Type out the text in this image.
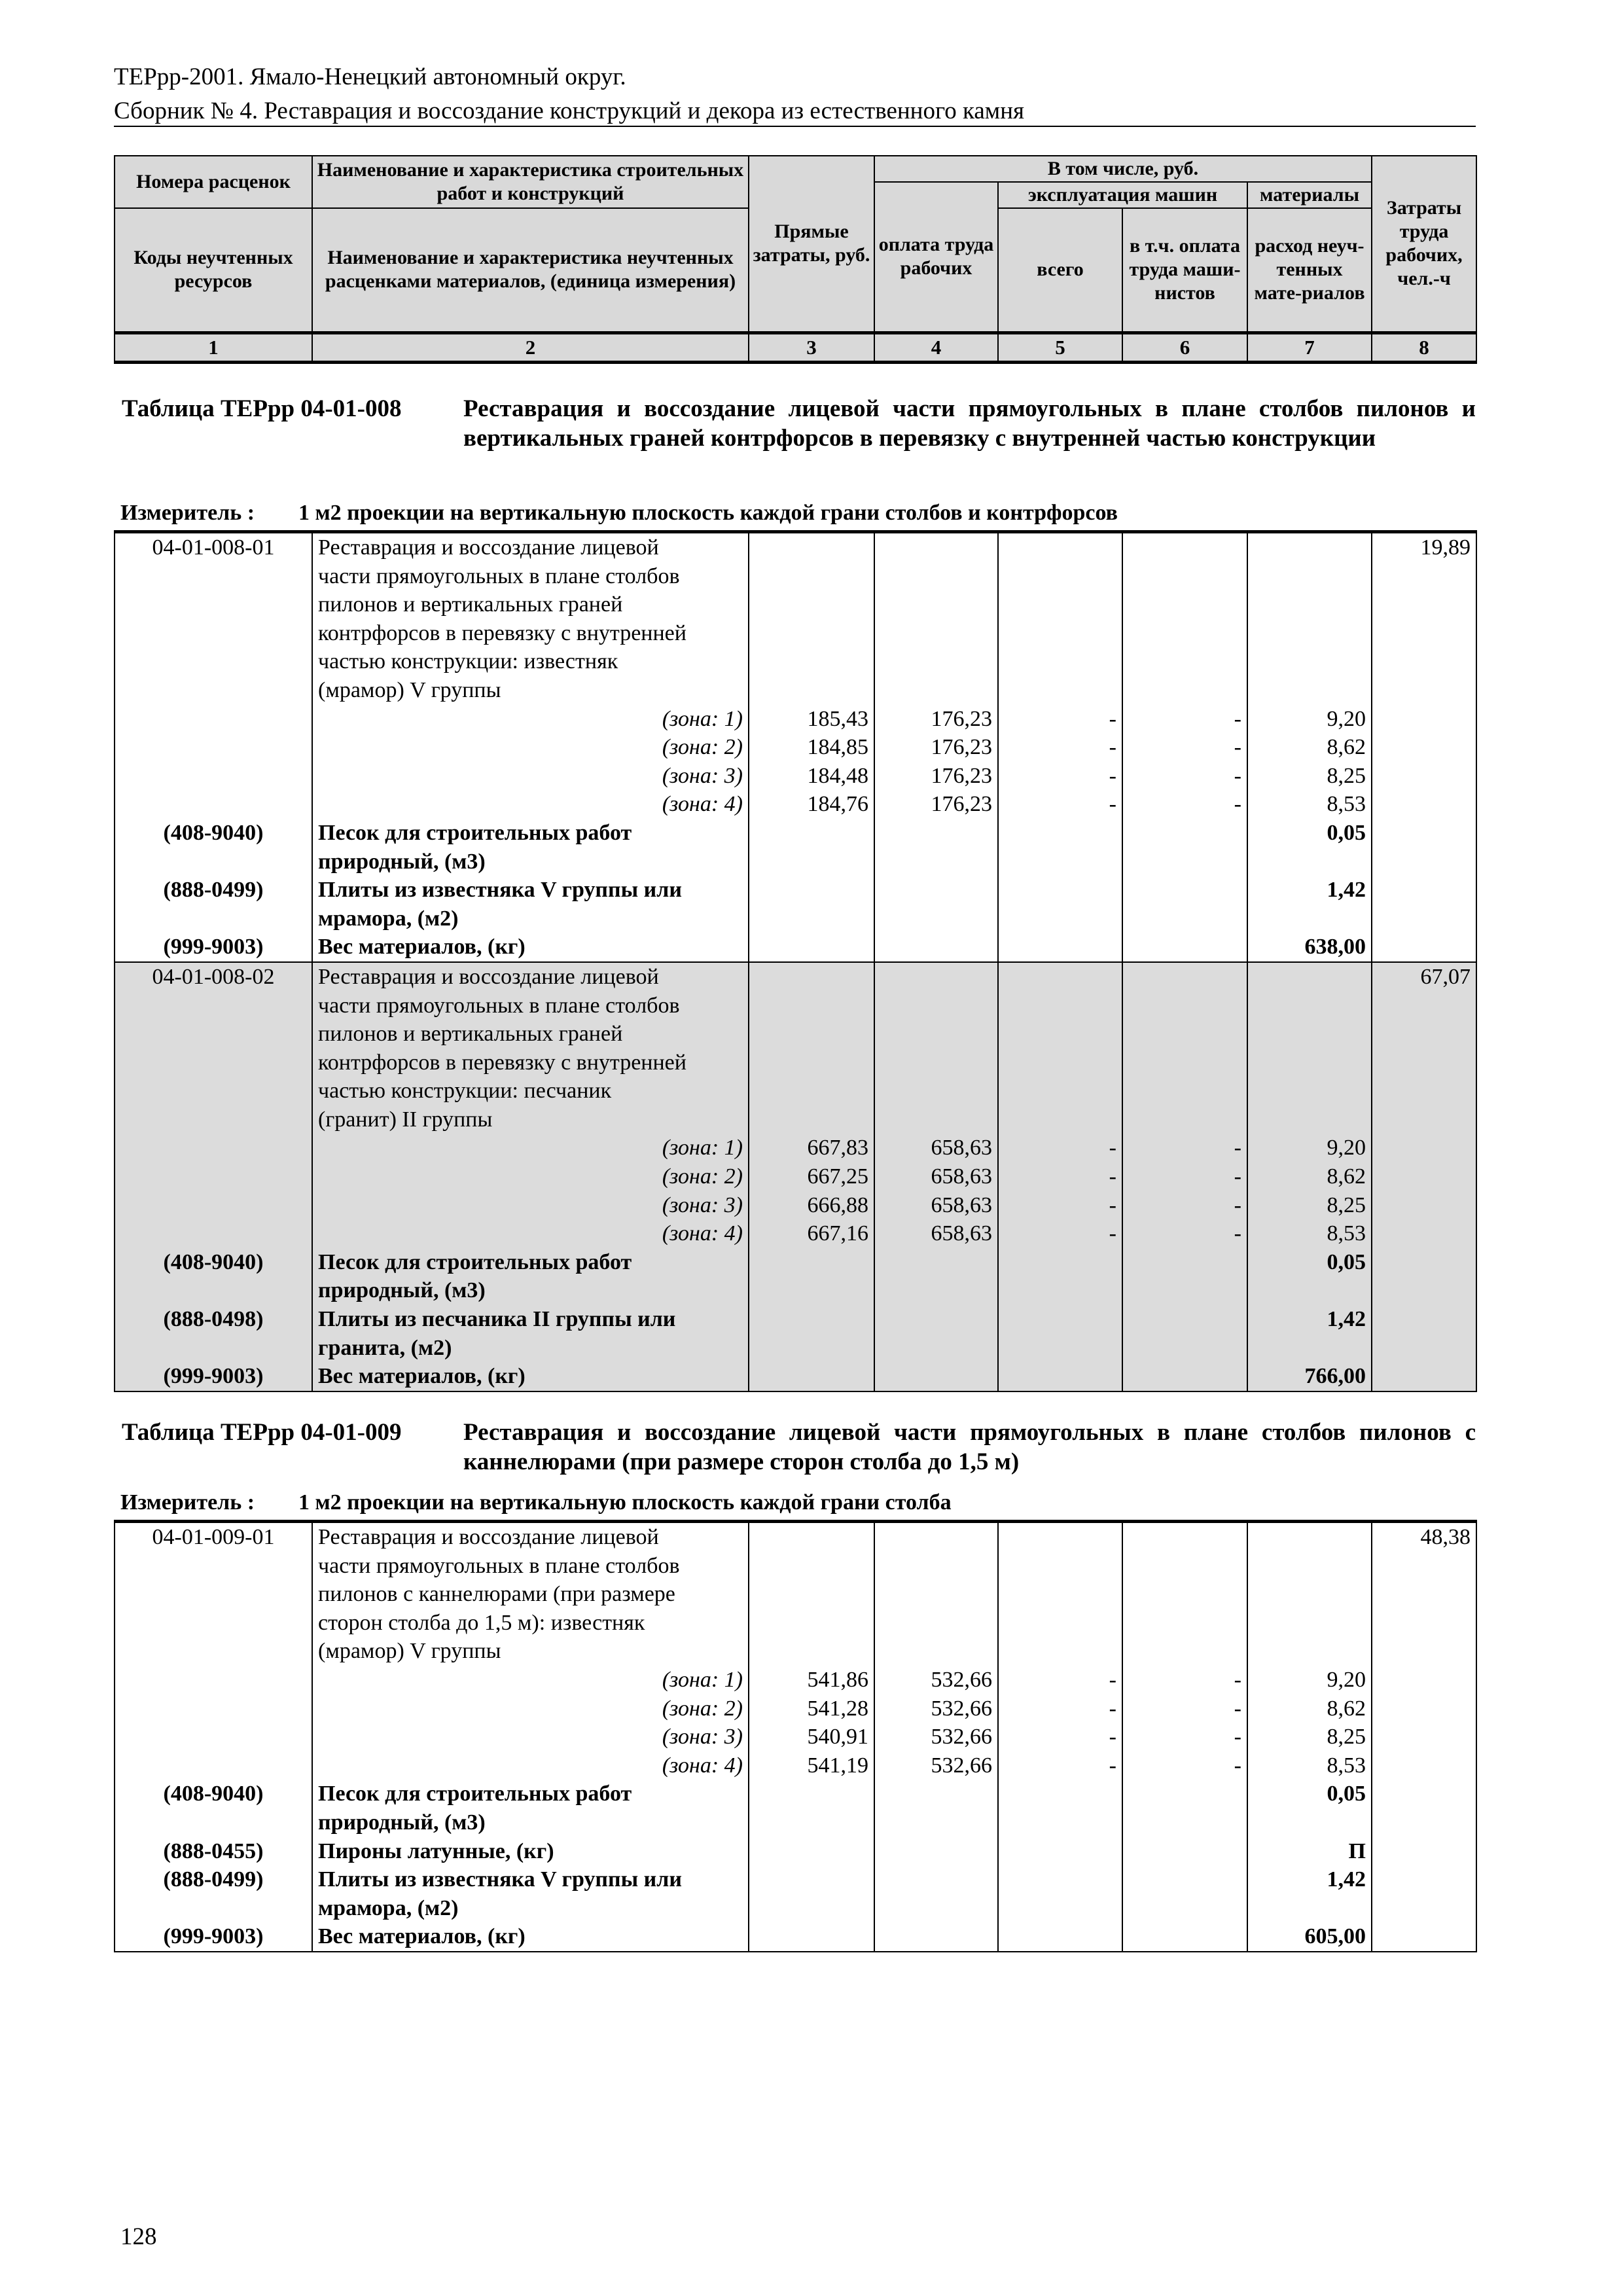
ТЕРрр-2001. Ямало-Ненецкий автономный округ.
Сборник № 4. Реставрация и воссоздание конструкций и декора из естественного камня
Номера расценок	Наименование и характеристика строительных работ и конструкций	Прямые затраты, руб.	В том числе, руб.				Затраты труда рабочих, чел.-ч
			оплата труда рабочих	эксплуатация машин		материалы	
Коды неучтенных ресурсов	Наименование и характеристика неучтенных расценками материалов, (единица измерения)			всего	в т.ч. оплата труда маши-нистов	расход неуч-тенных мате-риалов	
1	2	3	4	5	6	7	8
Таблица ТЕРрр 04-01-008	Реставрация и воссоздание лицевой части прямоугольных в плане столбов пилонов и вертикальных граней контрфорсов в перевязку с внутренней частью конструкции
Измеритель : 1 м2 проекции на вертикальную плоскость каждой грани столбов и контрфорсов
04-01-008-01	Реставрация и воссоздание лицевой						19,89
	части прямоугольных в плане столбов						
	пилонов и вертикальных граней						
	контрфорсов в перевязку с внутренней						
	частью конструкции: известняк						
	(мрамор) V группы						
	(зона: 1)	185,43	176,23	-	-	9,20	
	(зона: 2)	184,85	176,23	-	-	8,62	
	(зона: 3)	184,48	176,23	-	-	8,25	
	(зона: 4)	184,76	176,23	-	-	8,53	
(408-9040)	Песок для строительных работ					0,05	
	природный, (м3)						
(888-0499)	Плиты из известняка V группы или					1,42	
	мрамора, (м2)						
(999-9003)	Вес материалов, (кг)					638,00	
04-01-008-02	Реставрация и воссоздание лицевой						67,07
	части прямоугольных в плане столбов						
	пилонов и вертикальных граней						
	контрфорсов в перевязку с внутренней						
	частью конструкции: песчаник						
	(гранит) II группы						
	(зона: 1)	667,83	658,63	-	-	9,20	
	(зона: 2)	667,25	658,63	-	-	8,62	
	(зона: 3)	666,88	658,63	-	-	8,25	
	(зона: 4)	667,16	658,63	-	-	8,53	
(408-9040)	Песок для строительных работ					0,05	
	природный, (м3)						
(888-0498)	Плиты из песчаника II группы или					1,42	
	гранита, (м2)						
(999-9003)	Вес материалов, (кг)					766,00	
Таблица ТЕРрр 04-01-009	Реставрация и воссоздание лицевой части прямоугольных в плане столбов пилонов с каннелюрами (при размере сторон столба до 1,5 м)
Измеритель : 1 м2 проекции на вертикальную плоскость каждой грани столба
04-01-009-01	Реставрация и воссоздание лицевой						48,38
	части прямоугольных в плане столбов						
	пилонов с каннелюрами (при размере						
	сторон столба до 1,5 м): известняк						
	(мрамор) V группы						
	(зона: 1)	541,86	532,66	-	-	9,20	
	(зона: 2)	541,28	532,66	-	-	8,62	
	(зона: 3)	540,91	532,66	-	-	8,25	
	(зона: 4)	541,19	532,66	-	-	8,53	
(408-9040)	Песок для строительных работ					0,05	
	природный, (м3)						
(888-0455)	Пироны латунные, (кг)					П	
(888-0499)	Плиты из известняка V группы или					1,42	
	мрамора, (м2)						
(999-9003)	Вес материалов, (кг)					605,00	
128
